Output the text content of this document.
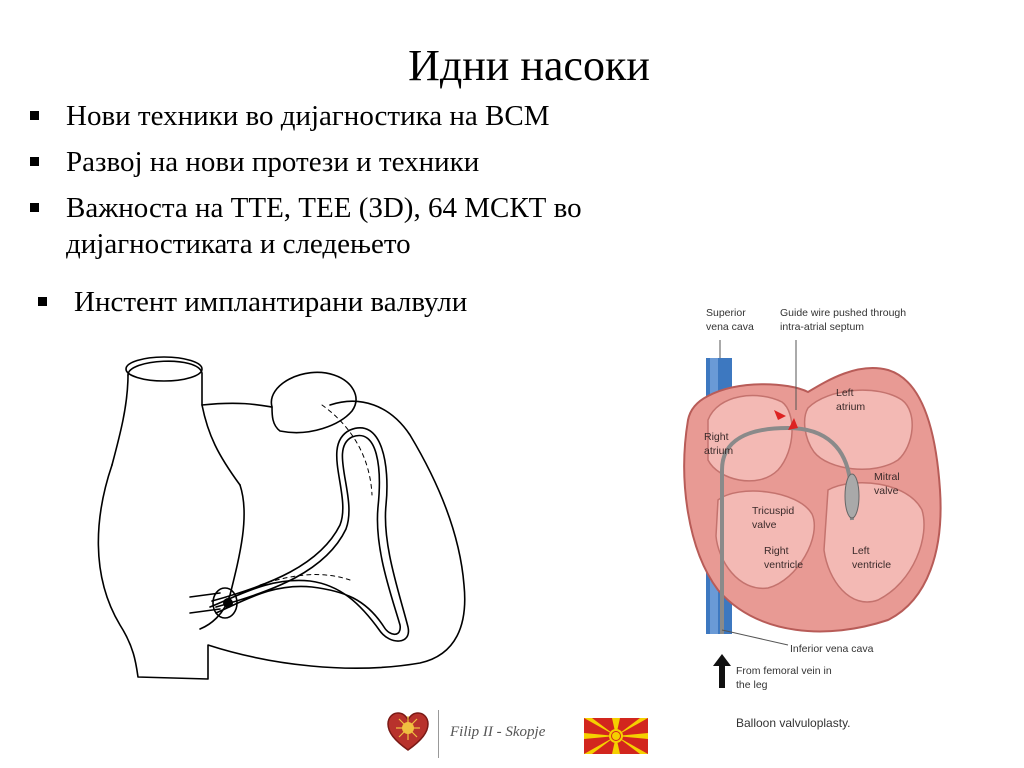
Идни насоки
Нови техники во дијагностика на ВСМ
Развој на нови протези и техники
Важноста на ТТЕ, ТЕЕ (3D), 64 МСКТ во дијагностиката и следењето
Инстент имплантирани валвули	Superior
vena cava
Guide wire pushed through
intra-atrial septum
Left
atrium
Right
atrium
Mitral
valve
Tricuspid
valve
Right
ventricle
Left
ventricle
Inferior vena cava
From femoral vein in
the leg
Balloon valvuloplasty.
Filip II - Skopje
